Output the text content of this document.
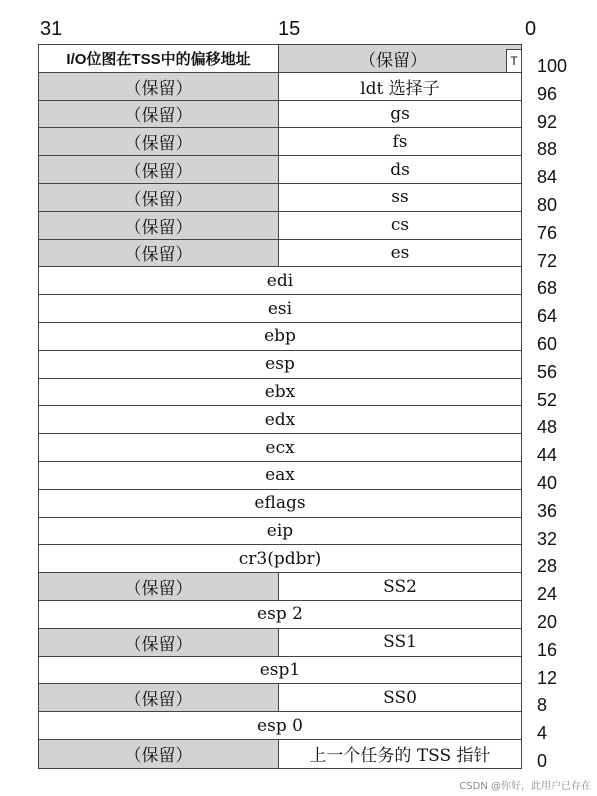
31	15	0
I/O位图在TSS中的偏移地址	（保留）	T
（保留）	ldt 选择子
（保留）	gs
（保留）	fs
（保留）	ds
（保留）	ss
（保留）	cs
（保留）	es
edi
esi
ebp
esp
ebx
edx
ecx
eax
eflags
eip
cr3(pdbr)
（保留）	SS2
esp 2
（保留）	SS1
esp1
（保留）	SS0
esp 0
（保留）	上一个任务的 TSS 指针
100
96
92
88
84
80
76
72
68
64
60
56
52
48
44
40
36
32
28
24
20
16
12
8
4
0
CSDN @你好，此用户已存在
